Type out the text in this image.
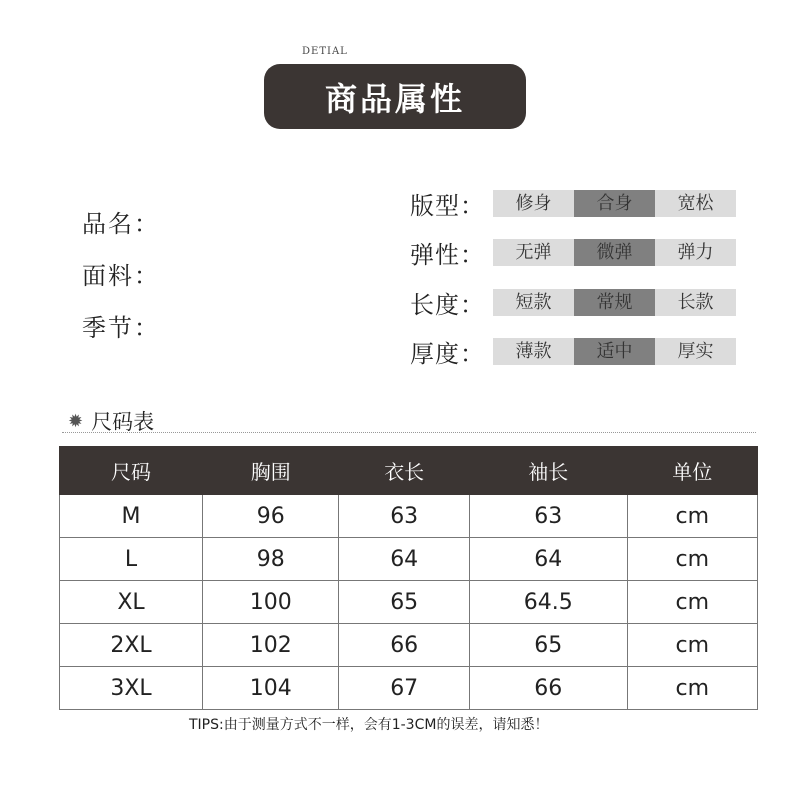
DETIAL
商品属性
品名：
面料：
季节：
版型：	修身	合身	宽松
弹性：	无弹	微弹	弹力
长度：	短款	常规	长款
厚度：	薄款	适中	厚实
✹ 尺码表
尺码	胸围	衣长	袖长	单位
M	96	63	63	cm
L	98	64	64	cm
XL	100	65	64.5	cm
2XL	102	66	65	cm
3XL	104	67	66	cm
TIPS:由于测量方式不一样，会有1-3CM的误差，请知悉！
